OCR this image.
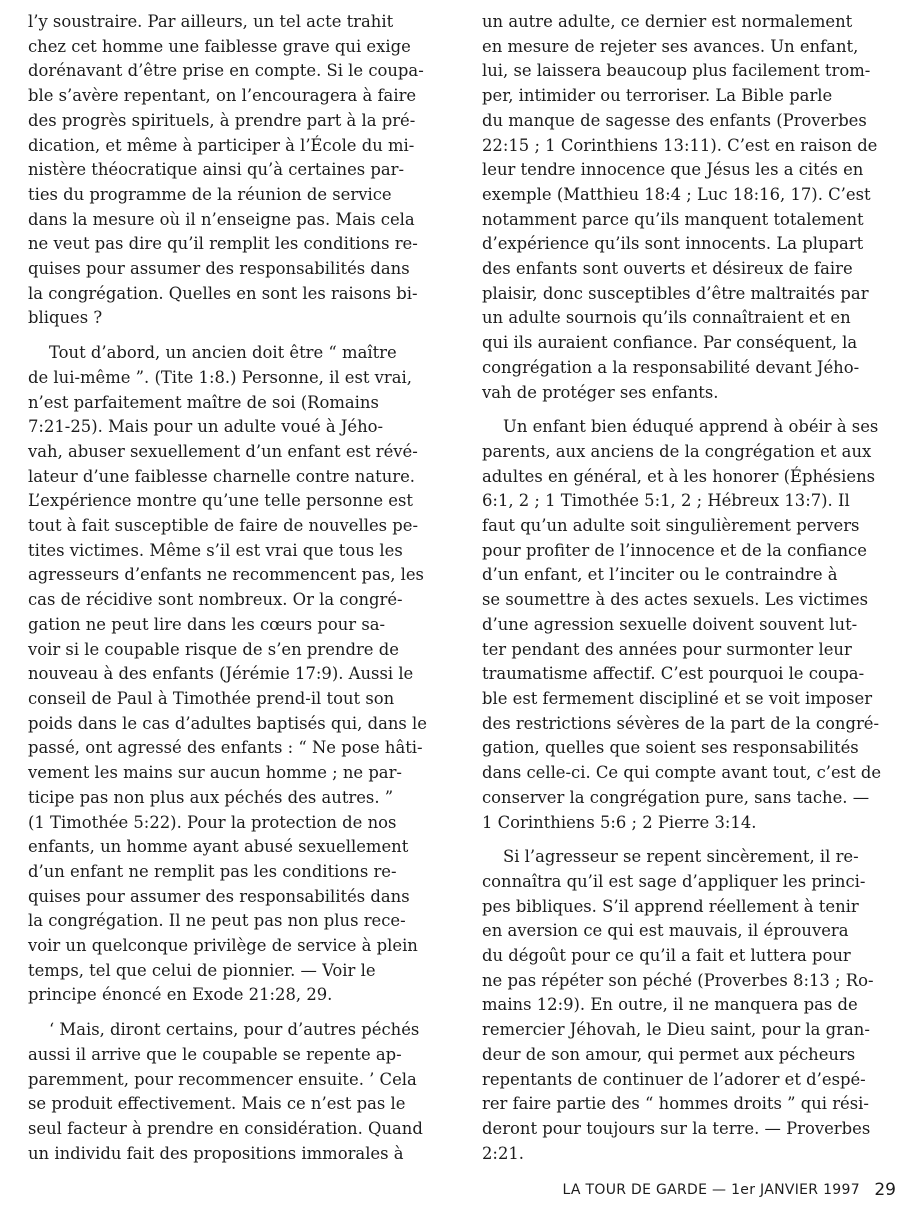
l’y soustraire. Par ailleurs, un tel acte trahit
chez cet homme une faiblesse grave qui exige
dorénavant d’être prise en compte. Si le coupa-
ble s’avère repentant, on l’encouragera à faire
des progrès spirituels, à prendre part à la pré-
dication, et même à participer à l’École du mi-
nistère théocratique ainsi qu’à certaines par-
ties du programme de la réunion de service
dans la mesure où il n’enseigne pas. Mais cela
ne veut pas dire qu’il remplit les conditions re-
quises pour assumer des responsabilités dans
la congrégation. Quelles en sont les raisons bi-
bliques ?

Tout d’abord, un ancien doit être “ maître
de lui-même ”. (Tite 1:8.) Personne, il est vrai,
n’est parfaitement maître de soi (Romains
7:21-25). Mais pour un adulte voué à Jého-
vah, abuser sexuellement d’un enfant est révé-
lateur d’une faiblesse charnelle contre nature.
L’expérience montre qu’une telle personne est
tout à fait susceptible de faire de nouvelles pe-
tites victimes. Même s’il est vrai que tous les
agresseurs d’enfants ne recommencent pas, les
cas de récidive sont nombreux. Or la congré-
gation ne peut lire dans les cœurs pour sa-
voir si le coupable risque de s’en prendre de
nouveau à des enfants (Jérémie 17:9). Aussi le
conseil de Paul à Timothée prend-il tout son
poids dans le cas d’adultes baptisés qui, dans le
passé, ont agressé des enfants : “ Ne pose hâti-
vement les mains sur aucun homme ; ne par-
ticipe pas non plus aux péchés des autres. ”
(1 Timothée 5:22). Pour la protection de nos
enfants, un homme ayant abusé sexuellement
d’un enfant ne remplit pas les conditions re-
quises pour assumer des responsabilités dans
la congrégation. Il ne peut pas non plus rece-
voir un quelconque privilège de service à plein
temps, tel que celui de pionnier. — Voir le
principe énoncé en Exode 21:28, 29.

‘ Mais, diront certains, pour d’autres péchés
aussi il arrive que le coupable se repente ap-
paremment, pour recommencer ensuite. ’ Cela
se produit effectivement. Mais ce n’est pas le
seul facteur à prendre en considération. Quand
un individu fait des propositions immorales à

un autre adulte, ce dernier est normalement
en mesure de rejeter ses avances. Un enfant,
lui, se laissera beaucoup plus facilement trom-
per, intimider ou terroriser. La Bible parle
du manque de sagesse des enfants (Proverbes
22:15 ; 1 Corinthiens 13:11). C’est en raison de
leur tendre innocence que Jésus les a cités en
exemple (Matthieu 18:4 ; Luc 18:16, 17). C’est
notamment parce qu’ils manquent totalement
d’expérience qu’ils sont innocents. La plupart
des enfants sont ouverts et désireux de faire
plaisir, donc susceptibles d’être maltraités par
un adulte sournois qu’ils connaîtraient et en
qui ils auraient confiance. Par conséquent, la
congrégation a la responsabilité devant Jého-
vah de protéger ses enfants.

Un enfant bien éduqué apprend à obéir à ses
parents, aux anciens de la congrégation et aux
adultes en général, et à les honorer (Éphésiens
6:1, 2 ; 1 Timothée 5:1, 2 ; Hébreux 13:7). Il
faut qu’un adulte soit singulièrement pervers
pour profiter de l’innocence et de la confiance
d’un enfant, et l’inciter ou le contraindre à
se soumettre à des actes sexuels. Les victimes
d’une agression sexuelle doivent souvent lut-
ter pendant des années pour surmonter leur
traumatisme affectif. C’est pourquoi le coupa-
ble est fermement discipliné et se voit imposer
des restrictions sévères de la part de la congré-
gation, quelles que soient ses responsabilités
dans celle-ci. Ce qui compte avant tout, c’est de
conserver la congrégation pure, sans tache. —
1 Corinthiens 5:6 ; 2 Pierre 3:14.

Si l’agresseur se repent sincèrement, il re-
connaîtra qu’il est sage d’appliquer les princi-
pes bibliques. S’il apprend réellement à tenir
en aversion ce qui est mauvais, il éprouvera
du dégoût pour ce qu’il a fait et luttera pour
ne pas répéter son péché (Proverbes 8:13 ; Ro-
mains 12:9). En outre, il ne manquera pas de
remercier Jéhovah, le Dieu saint, pour la gran-
deur de son amour, qui permet aux pécheurs
repentants de continuer de l’adorer et d’espé-
rer faire partie des “ hommes droits ” qui rési-
deront pour toujours sur la terre. — Proverbes
2:21.

LA TOUR DE GARDE — 1er JANVIER 1997 29
